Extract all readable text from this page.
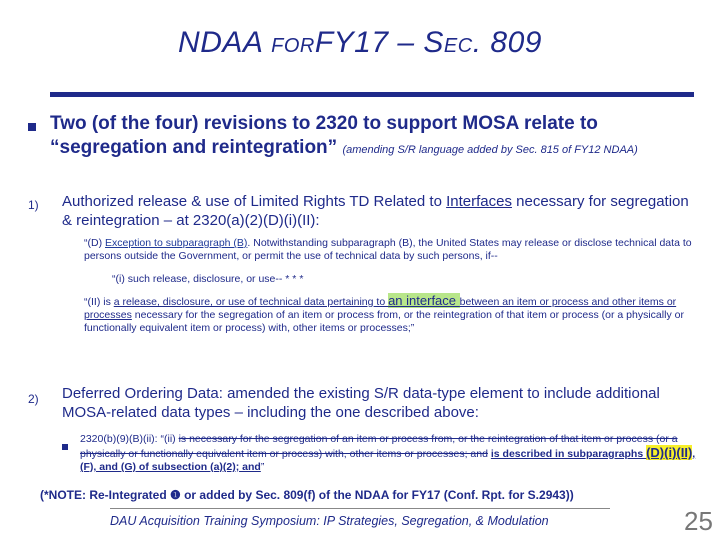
NDAA FORFY17 – SEC. 809
Two (of the four) revisions to 2320 to support MOSA relate to “segregation and reintegration” (amending S/R language added by Sec. 815 of FY12 NDAA)
1) Authorized release & use of Limited Rights TD Related to Interfaces necessary for segregation & reintegration – at 2320(a)(2)(D)(i)(II):
“(D) Exception to subparagraph (B). Notwithstanding subparagraph (B), the United States may release or disclose technical data to persons outside the Government, or permit the use of technical data by such persons, if--
“(i) such release, disclosure, or use-- * * *
“(II) is a release, disclosure, or use of technical data pertaining to an interface between an item or process and other items or processes necessary for the segregation of an item or process from, or the reintegration of that item or process (or a physically or functionally equivalent item or process) with, other items or processes;”
2) Deferred Ordering Data: amended the existing S/R data-type element to include additional MOSA-related data types – including the one described above:
2320(b)(9)(B)(ii): “(ii) is necessary for the segregation of an item or process from, or the reintegration of that item or process (or a physically or functionally equivalent item or process) with, other items or processes; and is described in subparagraphs (D)(i)(II), (F), and (G) of subsection (a)(2); and”
(*NOTE: Re-Integrated ❶ or added by Sec. 809(f) of the NDAA for FY17 (Conf. Rpt. for S.2943))
DAU Acquisition Training Symposium: IP Strategies, Segregation, & Modulation	25
